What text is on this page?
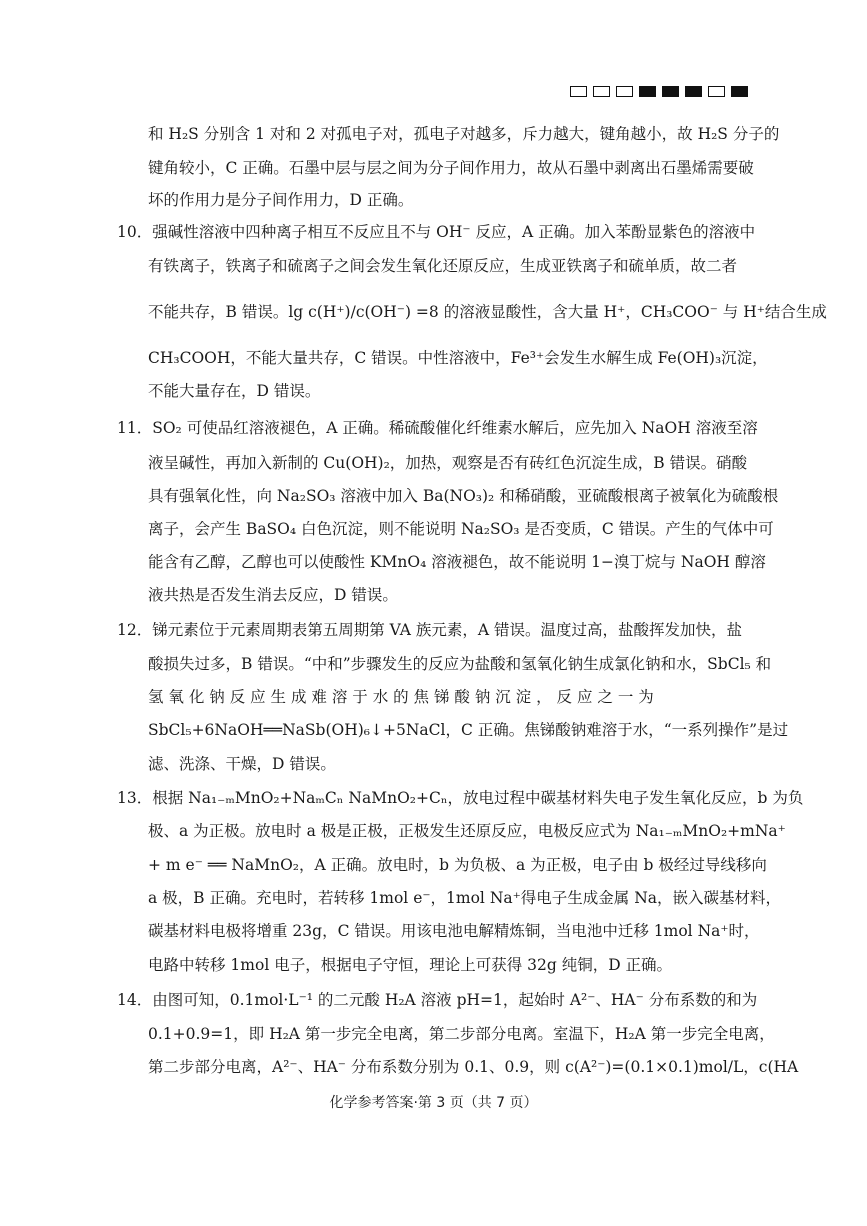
和 H₂S 分别含 1 对和 2 对孤电子对，孤电子对越多，斥力越大，键角越小，故 H₂S 分子的
键角较小，C 正确。石墨中层与层之间为分子间作用力，故从石墨中剥离出石墨烯需要破
坏的作用力是分子间作用力，D 正确。
10．强碱性溶液中四种离子相互不反应且不与 OH⁻ 反应，A 正确。加入苯酚显紫色的溶液中
有铁离子，铁离子和硫离子之间会发生氧化还原反应，生成亚铁离子和硫单质，故二者
不能共存，B 错误。lg c(H⁺)/c(OH⁻) =8 的溶液显酸性，含大量 H⁺，CH₃COO⁻ 与 H⁺结合生成
CH₃COOH，不能大量共存，C 错误。中性溶液中，Fe³⁺会发生水解生成 Fe(OH)₃沉淀，
不能大量存在，D 错误。
11．SO₂ 可使品红溶液褪色，A 正确。稀硫酸催化纤维素水解后，应先加入 NaOH 溶液至溶
液呈碱性，再加入新制的 Cu(OH)₂，加热，观察是否有砖红色沉淀生成，B 错误。硝酸
具有强氧化性，向 Na₂SO₃ 溶液中加入 Ba(NO₃)₂ 和稀硝酸，亚硫酸根离子被氧化为硫酸根
离子，会产生 BaSO₄ 白色沉淀，则不能说明 Na₂SO₃ 是否变质，C 错误。产生的气体中可
能含有乙醇，乙醇也可以使酸性 KMnO₄ 溶液褪色，故不能说明 1−溴丁烷与 NaOH 醇溶
液共热是否发生消去反应，D 错误。
12．锑元素位于元素周期表第五周期第 VA 族元素，A 错误。温度过高，盐酸挥发加快，盐
酸损失过多，B 错误。“中和”步骤发生的反应为盐酸和氢氧化钠生成氯化钠和水，SbCl₅ 和
氢 氧 化 钠 反 应 生 成 难 溶 于 水 的 焦 锑 酸 钠 沉 淀 ， 反 应 之 一 为
SbCl₅+6NaOH══NaSb(OH)₆↓+5NaCl，C 正确。焦锑酸钠难溶于水，“一系列操作”是过
滤、洗涤、干燥，D 错误。
13．根据 Na₁₋ₘMnO₂+NaₘCₙ NaMnO₂+Cₙ，放电过程中碳基材料失电子发生氧化反应，b 为负
极、a 为正极。放电时 a 极是正极，正极发生还原反应，电极反应式为 Na₁₋ₘMnO₂+mNa⁺
+ m e⁻ ══ NaMnO₂，A 正确。放电时，b 为负极、a 为正极，电子由 b 极经过导线移向
a 极，B 正确。充电时，若转移 1mol e⁻，1mol Na⁺得电子生成金属 Na，嵌入碳基材料，
碳基材料电极将增重 23g，C 错误。用该电池电解精炼铜，当电池中迁移 1mol Na⁺时，
电路中转移 1mol 电子，根据电子守恒，理论上可获得 32g 纯铜，D 正确。
14．由图可知，0.1mol·L⁻¹ 的二元酸 H₂A 溶液 pH=1，起始时 A²⁻、HA⁻ 分布系数的和为
0.1+0.9=1，即 H₂A 第一步完全电离，第二步部分电离。室温下，H₂A 第一步完全电离，
第二步部分电离，A²⁻、HA⁻ 分布系数分别为 0.1、0.9，则 c(A²⁻)=(0.1×0.1)mol/L，c(HA
化学参考答案·第 3 页（共 7 页）
